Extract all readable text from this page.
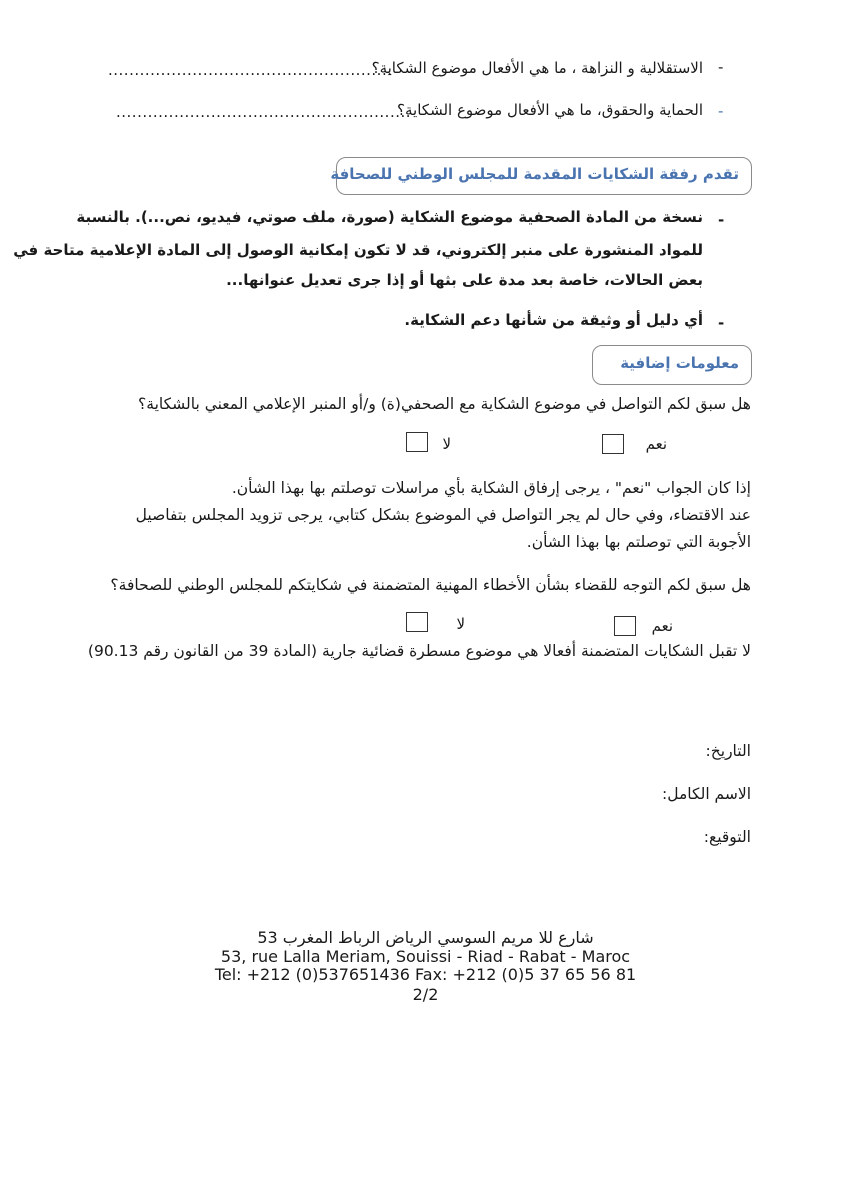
-
الاستقلالية و النزاهة ، ما هي الأفعال موضوع الشكاية؟
......................................................
-
الحماية والحقوق، ما هي الأفعال موضوع الشكاية؟
........................................................
تقدم رفقة الشكايات المقدمة للمجلس الوطني للصحافة
-
نسخة من المادة الصحفية موضوع الشكاية (صورة، ملف صوتي، فيديو، نص...). بالنسبة
للمواد المنشورة على منبر إلكتروني، قد لا تكون إمكانية الوصول إلى المادة الإعلامية متاحة في
بعض الحالات، خاصة بعد مدة على بثها أو إذا جرى تعديل عنوانها...
-
أي دليل أو وثيقة من شأنها دعم الشكاية.
معلومات إضافية
هل سبق لكم التواصل في موضوع الشكاية مع الصحفي(ة) و/أو المنبر الإعلامي المعني بالشكاية؟
نعم
لا
إذا كان الجواب "نعم" ، يرجى إرفاق الشكاية بأي مراسلات توصلتم بها بهذا الشأن.
عند الاقتضاء، وفي حال لم يجر التواصل في الموضوع بشكل كتابي، يرجى تزويد المجلس بتفاصيل
الأجوبة التي توصلتم بها بهذا الشأن.
هل سبق لكم التوجه للقضاء بشأن الأخطاء المهنية المتضمنة في شكايتكم للمجلس الوطني للصحافة؟
نعم
لا
لا تقبل الشكايات المتضمنة أفعالا هي موضوع مسطرة قضائية جارية (المادة 39 من القانون رقم 90.13)
التاريخ:
الاسم الكامل:
التوقيع:
53 شارع للا مريم السوسي الرياض الرباط المغرب
53, rue Lalla Meriam, Souissi - Riad - Rabat - Maroc
Tel: +212 (0)537651436 Fax: +212 (0)5 37 65 56 81
2/2
